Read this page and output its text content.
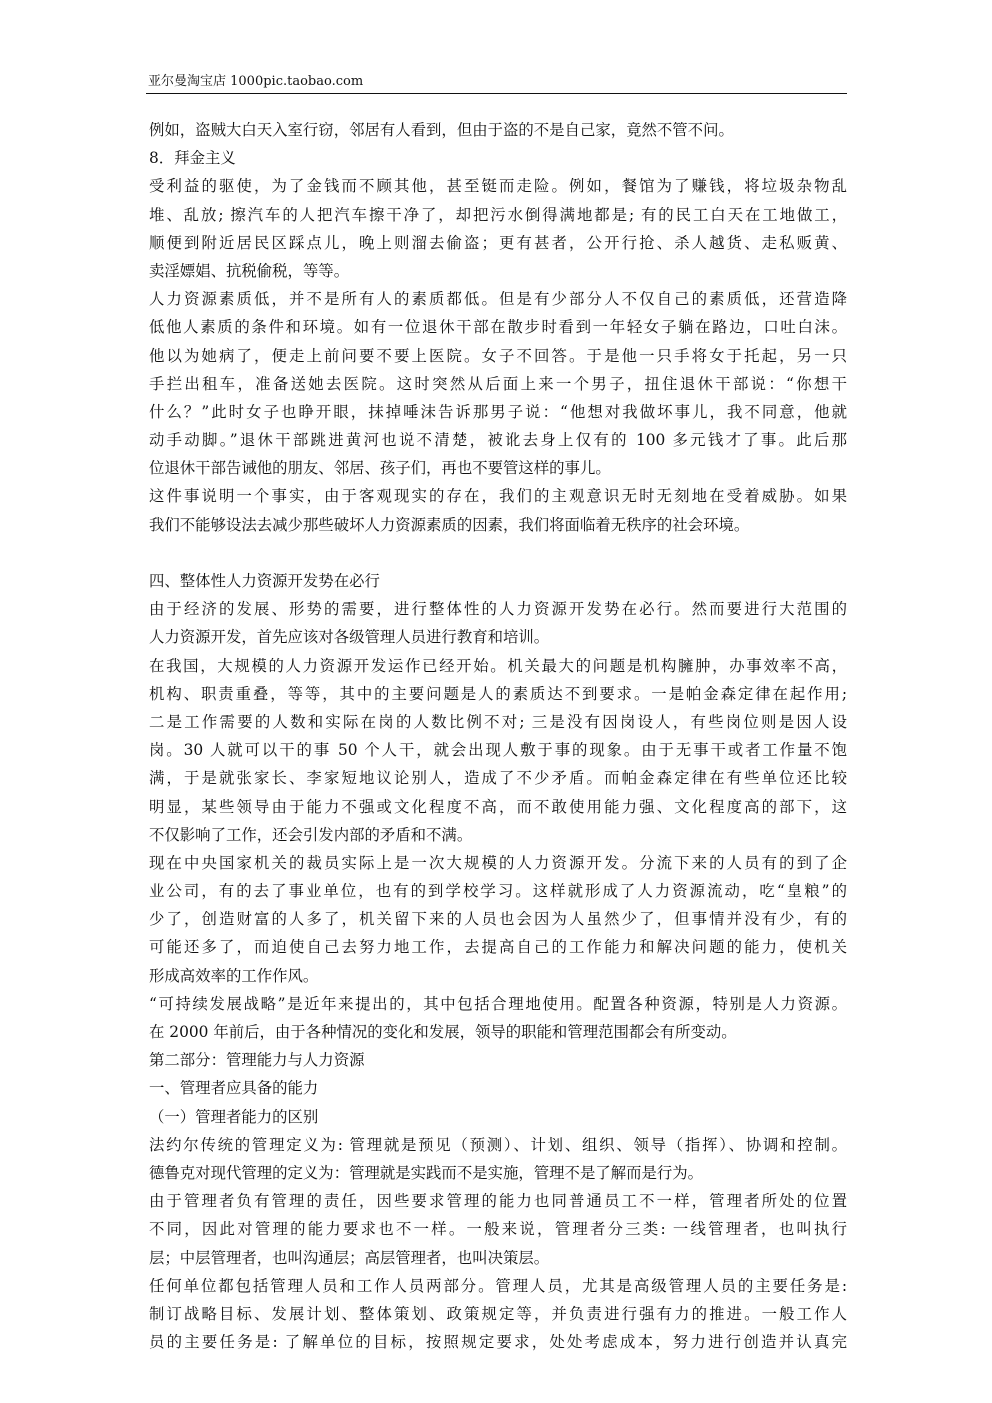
亚尔曼淘宝店 1000pic.taobao.com
例如，盗贼大白天入室行窃，邻居有人看到，但由于盗的不是自己家，竟然不管不问。
8．拜金主义
受利益的驱使，为了金钱而不顾其他，甚至铤而走险。例如，餐馆为了赚钱，将垃圾杂物乱
堆、乱放; 擦汽车的人把汽车擦干净了，却把污水倒得满地都是; 有的民工白天在工地做工，
顺便到附近居民区踩点儿，晚上则溜去偷盗；更有甚者，公开行抢、杀人越货、走私贩黄、
卖淫嫖娼、抗税偷税，等等。
人力资源素质低，并不是所有人的素质都低。但是有少部分人不仅自己的素质低，还营造降
低他人素质的条件和环境。如有一位退休干部在散步时看到一年轻女子躺在路边，口吐白沫。
他以为她病了，便走上前问要不要上医院。女子不回答。于是他一只手将女于托起，另一只
手拦出租车，准备送她去医院。这时突然从后面上来一个男子，扭住退休干部说：“你想干
什么？”此时女子也睁开眼，抹掉唾沫告诉那男子说：“他想对我做坏事儿，我不同意，他就
动手动脚。”退休干部跳进黄河也说不清楚，被讹去身上仅有的 100 多元钱才了事。此后那
位退休干部告诫他的朋友、邻居、孩子们，再也不要管这样的事儿。
这件事说明一个事实，由于客观现实的存在，我们的主观意识无时无刻地在受着威胁。如果
我们不能够设法去减少那些破坏人力资源素质的因素，我们将面临着无秩序的社会环境。
四、整体性人力资源开发势在必行
由于经济的发展、形势的需要，进行整体性的人力资源开发势在必行。然而要进行大范围的
人力资源开发，首先应该对各级管理人员进行教育和培训。
在我国，大规模的人力资源开发运作已经开始。机关最大的问题是机构臃肿，办事效率不高，
机构、职责重叠，等等，其中的主要问题是人的素质达不到要求。一是帕金森定律在起作用;
二是工作需要的人数和实际在岗的人数比例不对; 三是没有因岗设人，有些岗位则是因人设
岗。30 人就可以干的事 50 个人干，就会出现人敷于事的现象。由于无事干或者工作量不饱
满，于是就张家长、李家短地议论别人，造成了不少矛盾。而帕金森定律在有些单位还比较
明显，某些领导由于能力不强或文化程度不高，而不敢使用能力强、文化程度高的部下，这
不仅影响了工作，还会引发内部的矛盾和不满。
现在中央国家机关的裁员实际上是一次大规模的人力资源开发。分流下来的人员有的到了企
业公司，有的去了事业单位，也有的到学校学习。这样就形成了人力资源流动，吃“皇粮”的
少了，创造财富的人多了，机关留下来的人员也会因为人虽然少了，但事情并没有少，有的
可能还多了，而迫使自己去努力地工作，去提高自己的工作能力和解决问题的能力，使机关
形成高效率的工作作风。
“可持续发展战略”是近年来提出的，其中包括合理地使用。配置各种资源，特别是人力资源。
在 2000 年前后，由于各种情况的变化和发展，领导的职能和管理范围都会有所变动。
第二部分：管理能力与人力资源
一、管理者应具备的能力
（一）管理者能力的区别
法约尔传统的管理定义为: 管理就是预见（预测）、计划、组织、领导（指挥）、协调和控制。
德鲁克对现代管理的定义为：管理就是实践而不是实施，管理不是了解而是行为。
由于管理者负有管理的责任，因些要求管理的能力也同普通员工不一样，管理者所处的位置
不同，因此对管理的能力要求也不一样。一般来说，管理者分三类: 一线管理者，也叫执行
层；中层管理者，也叫沟通层；高层管理者，也叫决策层。
任何单位都包括管理人员和工作人员两部分。管理人员，尤其是高级管理人员的主要任务是:
制订战略目标、发展计划、整体策划、政策规定等，并负责进行强有力的推进。一般工作人
员的主要任务是: 了解单位的目标，按照规定要求，处处考虑成本，努力进行创造并认真完
